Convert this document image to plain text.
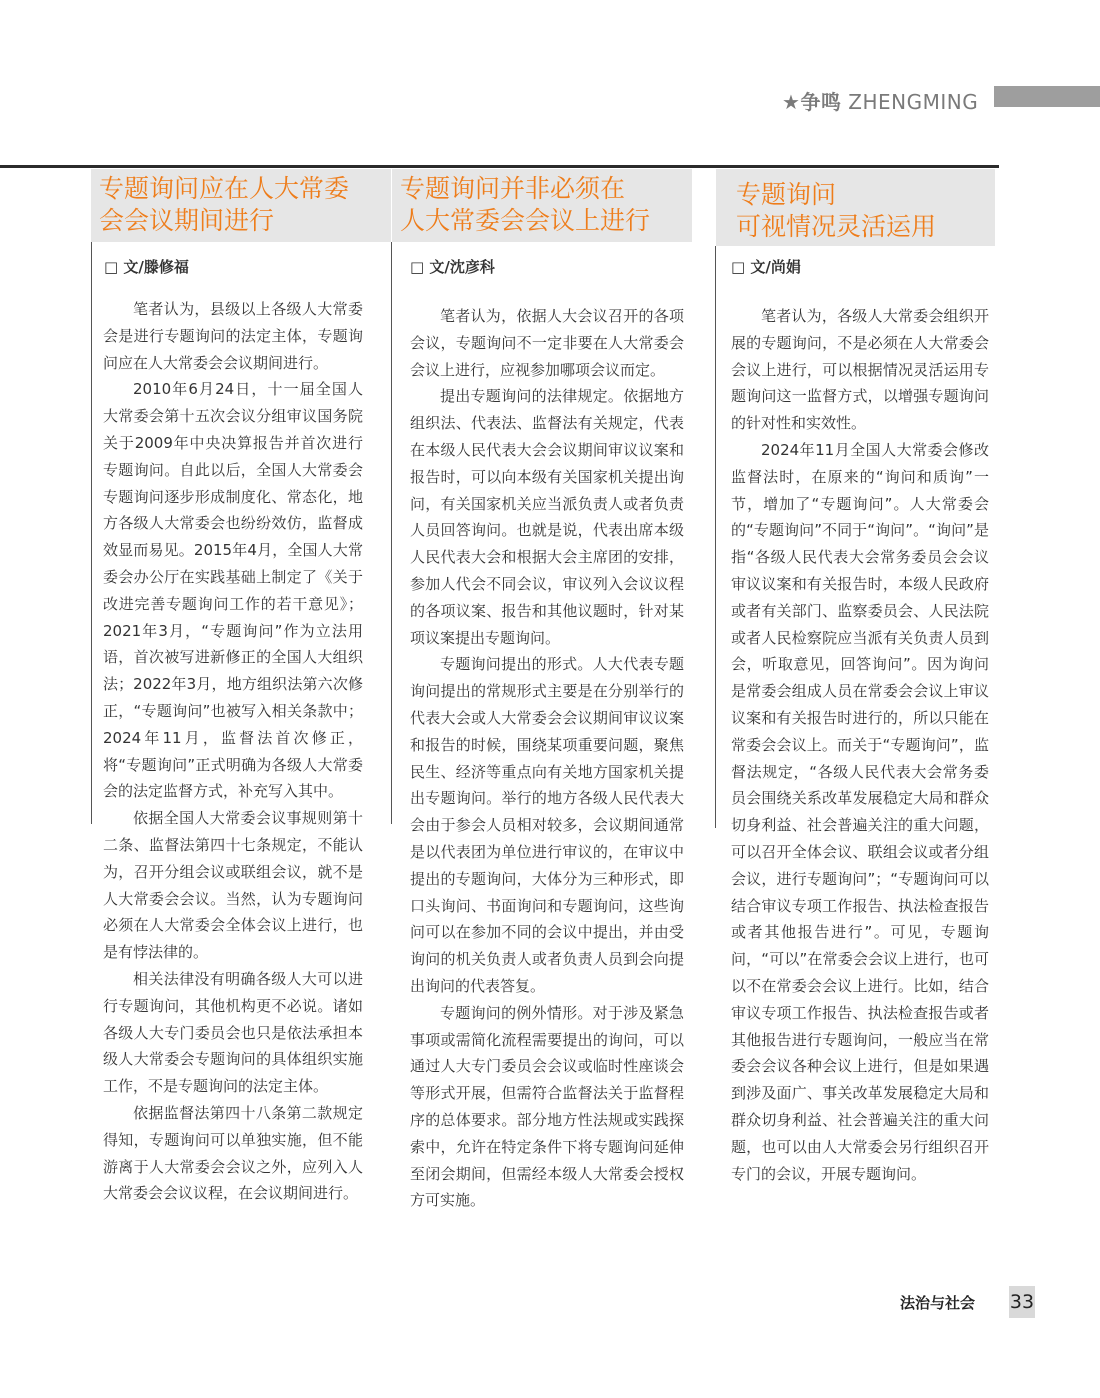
★争鸣 ZHENGMING
专题询问应在人大常委
会会议期间进行
□ 文/滕修福

笔者认为，县级以上各级人大常委会是进行专题询问的法定主体，专题询问应在人大常委会会议期间进行。

2010年6月24日，十一届全国人大常委会第十五次会议分组审议国务院关于2009年中央决算报告并首次进行专题询问。自此以后，全国人大常委会专题询问逐步形成制度化、常态化，地方各级人大常委会也纷纷效仿，监督成效显而易见。2015年4月，全国人大常委会办公厅在实践基础上制定了《关于改进完善专题询问工作的若干意见》；2021年3月，“专题询问”作为立法用语，首次被写进新修正的全国人大组织法；2022年3月，地方组织法第六次修正，“专题询问”也被写入相关条款中；2024年11月，监督法首次修正，将“专题询问”正式明确为各级人大常委会的法定监督方式，补充写入其中。

依据全国人大常委会议事规则第十二条、监督法第四十七条规定，不能认为，召开分组会议或联组会议，就不是人大常委会会议。当然，认为专题询问必须在人大常委会全体会议上进行，也是有悖法律的。

相关法律没有明确各级人大可以进行专题询问，其他机构更不必说。诸如各级人大专门委员会也只是依法承担本级人大常委会专题询问的具体组织实施工作，不是专题询问的法定主体。

依据监督法第四十八条第二款规定得知，专题询问可以单独实施，但不能游离于人大常委会会议之外，应列入人大常委会会议议程，在会议期间进行。

专题询问并非必须在
人大常委会会议上进行
□ 文/沈彦科

笔者认为，依据人大会议召开的各项会议，专题询问不一定非要在人大常委会会议上进行，应视参加哪项会议而定。

提出专题询问的法律规定。依据地方组织法、代表法、监督法有关规定，代表在本级人民代表大会会议期间审议议案和报告时，可以向本级有关国家机关提出询问，有关国家机关应当派负责人或者负责人员回答询问。也就是说，代表出席本级人民代表大会和根据大会主席团的安排，参加人代会不同会议，审议列入会议议程的各项议案、报告和其他议题时，针对某项议案提出专题询问。

专题询问提出的形式。人大代表专题询问提出的常规形式主要是在分别举行的代表大会或人大常委会会议期间审议议案和报告的时候，围绕某项重要问题，聚焦民生、经济等重点向有关地方国家机关提出专题询问。举行的地方各级人民代表大会由于参会人员相对较多，会议期间通常是以代表团为单位进行审议的，在审议中提出的专题询问，大体分为三种形式，即口头询问、书面询问和专题询问，这些询问可以在参加不同的会议中提出，并由受询问的机关负责人或者负责人员到会向提出询问的代表答复。

专题询问的例外情形。对于涉及紧急事项或需简化流程需要提出的询问，可以通过人大专门委员会会议或临时性座谈会等形式开展，但需符合监督法关于监督程序的总体要求。部分地方性法规或实践探索中，允许在特定条件下将专题询问延伸至闭会期间，但需经本级人大常委会授权方可实施。

专题询问
可视情况灵活运用
□ 文/尚娟

笔者认为，各级人大常委会组织开展的专题询问，不是必须在人大常委会会议上进行，可以根据情况灵活运用专题询问这一监督方式，以增强专题询问的针对性和实效性。

2024年11月全国人大常委会修改监督法时，在原来的“询问和质询”一节，增加了“专题询问”。人大常委会的“专题询问”不同于“询问”。“询问”是指“各级人民代表大会常务委员会会议审议议案和有关报告时，本级人民政府或者有关部门、监察委员会、人民法院或者人民检察院应当派有关负责人员到会，听取意见，回答询问”。因为询问是常委会组成人员在常委会会议上审议议案和有关报告时进行的，所以只能在常委会会议上。而关于“专题询问”，监督法规定，“各级人民代表大会常务委员会围绕关系改革发展稳定大局和群众切身利益、社会普遍关注的重大问题，可以召开全体会议、联组会议或者分组会议，进行专题询问”；“专题询问可以结合审议专项工作报告、执法检查报告或者其他报告进行”。可见，专题询问，“可以”在常委会会议上进行，也可以不在常委会会议上进行。比如，结合审议专项工作报告、执法检查报告或者其他报告进行专题询问，一般应当在常委会会议各种会议上进行，但是如果遇到涉及面广、事关改革发展稳定大局和群众切身利益、社会普遍关注的重大问题，也可以由人大常委会另行组织召开专门的会议，开展专题询问。

法治与社会 33
